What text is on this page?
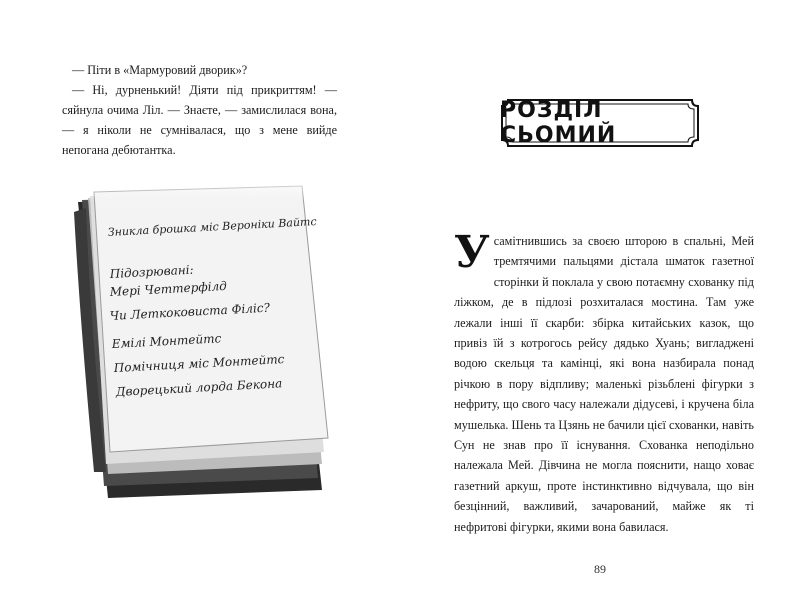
— Піти в «Мармуровий дворик»?

— Ні, дурненький! Діяти під прикриттям! — сяйнула очима Ліл. — Знаєте, — замислилася вона, — я ніколи не сумнівалася, що з мене вийде непогана дебютантка.

Зникла брошка міс Вероніки Вайтс
Підозрювані:
Мері Четтерфілд
Чи Леткоковиста Філіс?
Емілі Монтейтс
Помічниця міс Монтейтс
Дворецький лорда Бекона
РОЗДІЛ СЬОМИЙ
Усамітнившись за своєю шторою в спальні, Мей тремтячими пальцями дістала шматок газетної сторінки й поклала у свою потаємну схованку під ліжком, де в підлозі розхиталася мостина. Там уже лежали інші її скарби: збірка китайських казок, що привіз їй з котрогось рейсу дядько Хуань; вигладжені водою скельця та камінці, які вона назбирала понад річкою в пору відпливу; маленькі різьблені фігурки з нефриту, що свого часу належали дідусеві, і кручена біла мушелька. Шень та Цзянь не бачили цієї схованки, навіть Сун не знав про її існування. Схованка неподільно належала Мей. Дівчина не могла пояснити, нащо ховає газетний аркуш, проте інстинктивно відчувала, що він безцінний, важливий, зачарований, майже як ті нефритові фігурки, якими вона бавилася.
89
